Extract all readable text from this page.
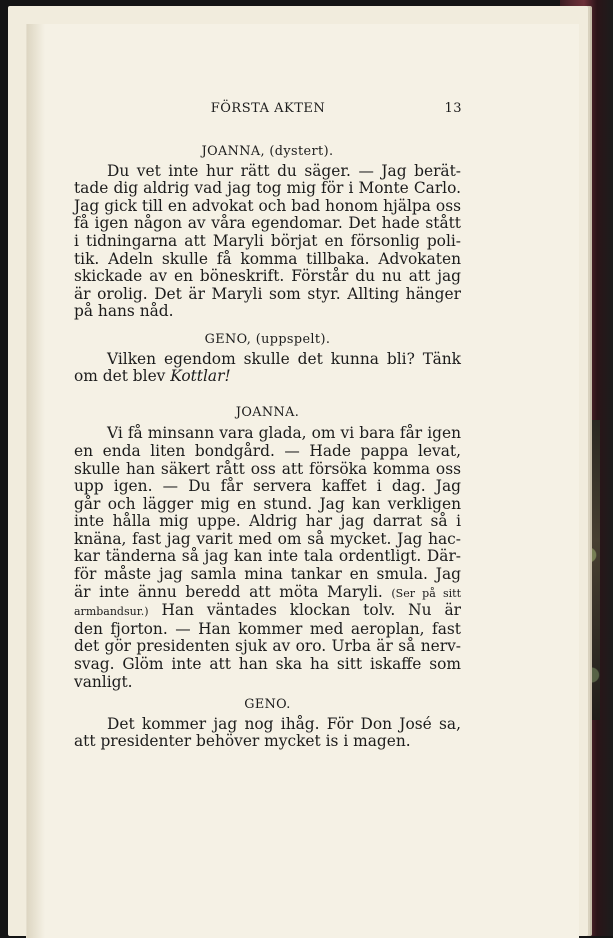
FÖRSTA AKTEN	13

JOANNA, (dystert).

Du vet inte hur rätt du säger. — Jag berät-

tade dig aldrig vad jag tog mig för i Monte Carlo.

Jag gick till en advokat och bad honom hjälpa oss

få igen någon av våra egendomar. Det hade stått

i tidningarna att Maryli börjat en försonlig poli-

tik. Adeln skulle få komma tillbaka. Advokaten

skickade av en böneskrift. Förstår du nu att jag

är orolig. Det är Maryli som styr. Allting hänger

på hans nåd.

GENO, (uppspelt).

Vilken egendom skulle det kunna bli? Tänk

om det blev Kottlar!

JOANNA.

Vi få minsann vara glada, om vi bara får igen

en enda liten bondgård. — Hade pappa levat,

skulle han säkert rått oss att försöka komma oss

upp igen. — Du får servera kaffet i dag. Jag

går och lägger mig en stund. Jag kan verkligen

inte hålla mig uppe. Aldrig har jag darrat så i

knäna, fast jag varit med om så mycket. Jag hac-

kar tänderna så jag kan inte tala ordentligt. Där-

för måste jag samla mina tankar en smula. Jag

är inte ännu beredd att möta Maryli. (Ser på sitt

armbandsur.) Han väntades klockan tolv. Nu är

den fjorton. — Han kommer med aeroplan, fast

det gör presidenten sjuk av oro. Urba är så nerv-

svag. Glöm inte att han ska ha sitt iskaffe som

vanligt.

GENO.

Det kommer jag nog ihåg. För Don José sa,

att presidenter behöver mycket is i magen.
